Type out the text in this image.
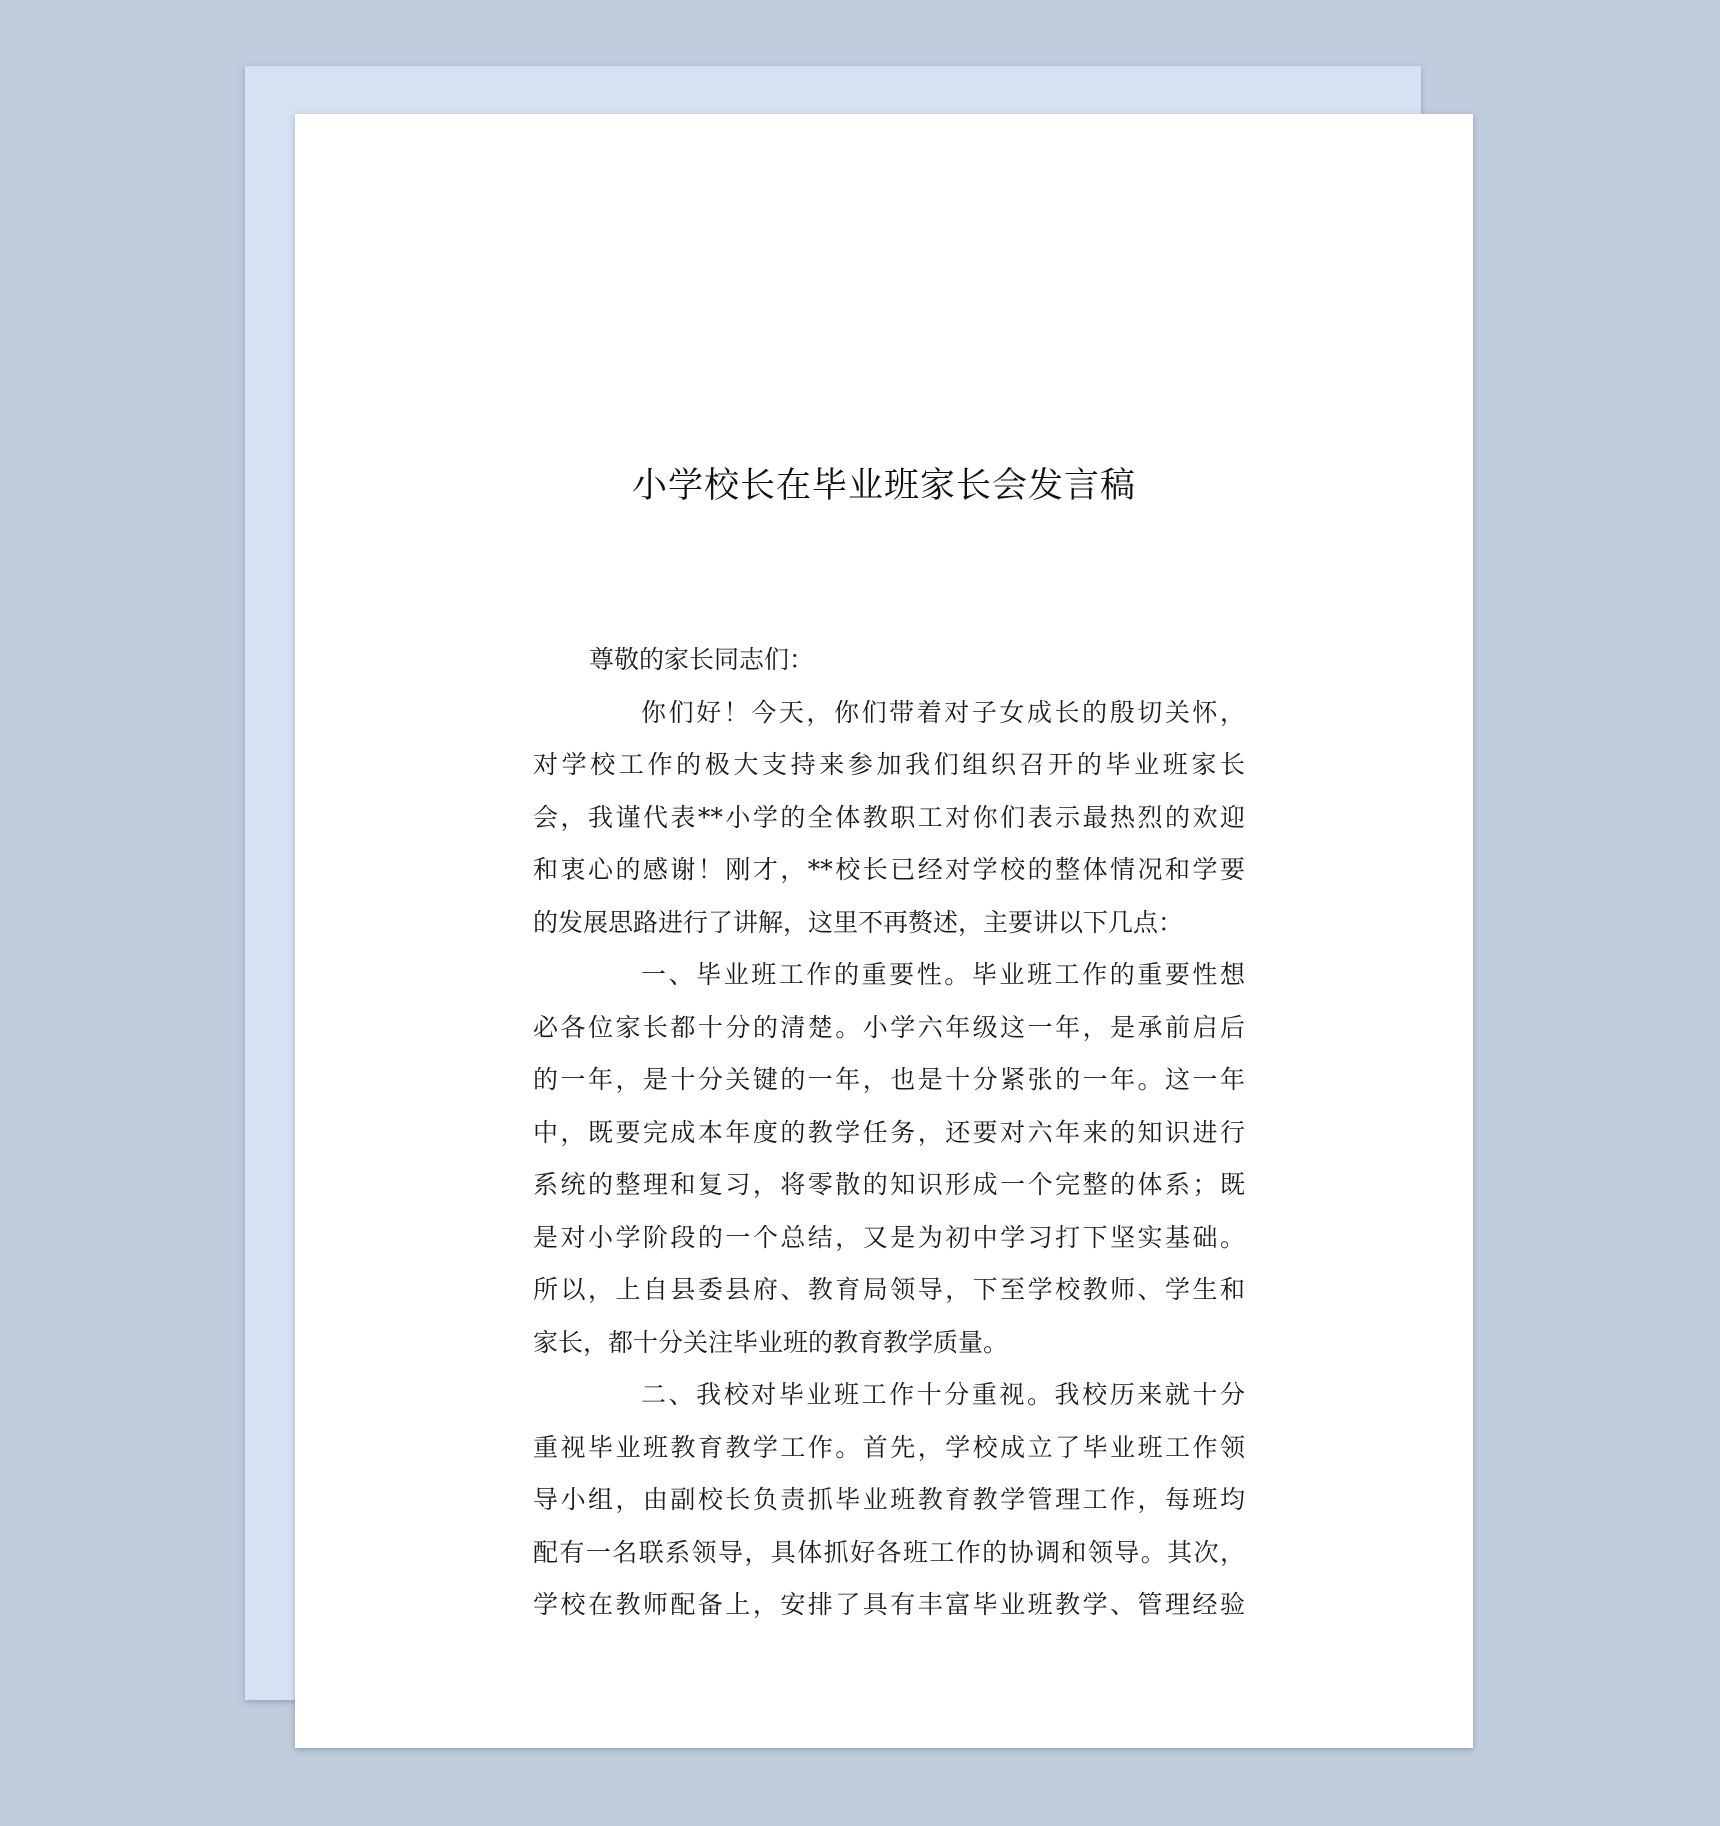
小学校长在毕业班家长会发言稿

尊敬的家长同志们：

你们好！今天，你们带着对子女成长的殷切关怀，
对学校工作的极大支持来参加我们组织召开的毕业班家长
会，我谨代表**小学的全体教职工对你们表示最热烈的欢迎
和衷心的感谢！刚才，**校长已经对学校的整体情况和学要
的发展思路进行了讲解，这里不再赘述，主要讲以下几点：
一、毕业班工作的重要性。毕业班工作的重要性想
必各位家长都十分的清楚。小学六年级这一年，是承前启后
的一年，是十分关键的一年，也是十分紧张的一年。这一年
中，既要完成本年度的教学任务，还要对六年来的知识进行
系统的整理和复习，将零散的知识形成一个完整的体系；既
是对小学阶段的一个总结，又是为初中学习打下坚实基础。
所以，上自县委县府、教育局领导，下至学校教师、学生和
家长，都十分关注毕业班的教育教学质量。
二、我校对毕业班工作十分重视。我校历来就十分
重视毕业班教育教学工作。首先，学校成立了毕业班工作领
导小组，由副校长负责抓毕业班教育教学管理工作，每班均
配有一名联系领导，具体抓好各班工作的协调和领导。其次，
学校在教师配备上，安排了具有丰富毕业班教学、管理经验
